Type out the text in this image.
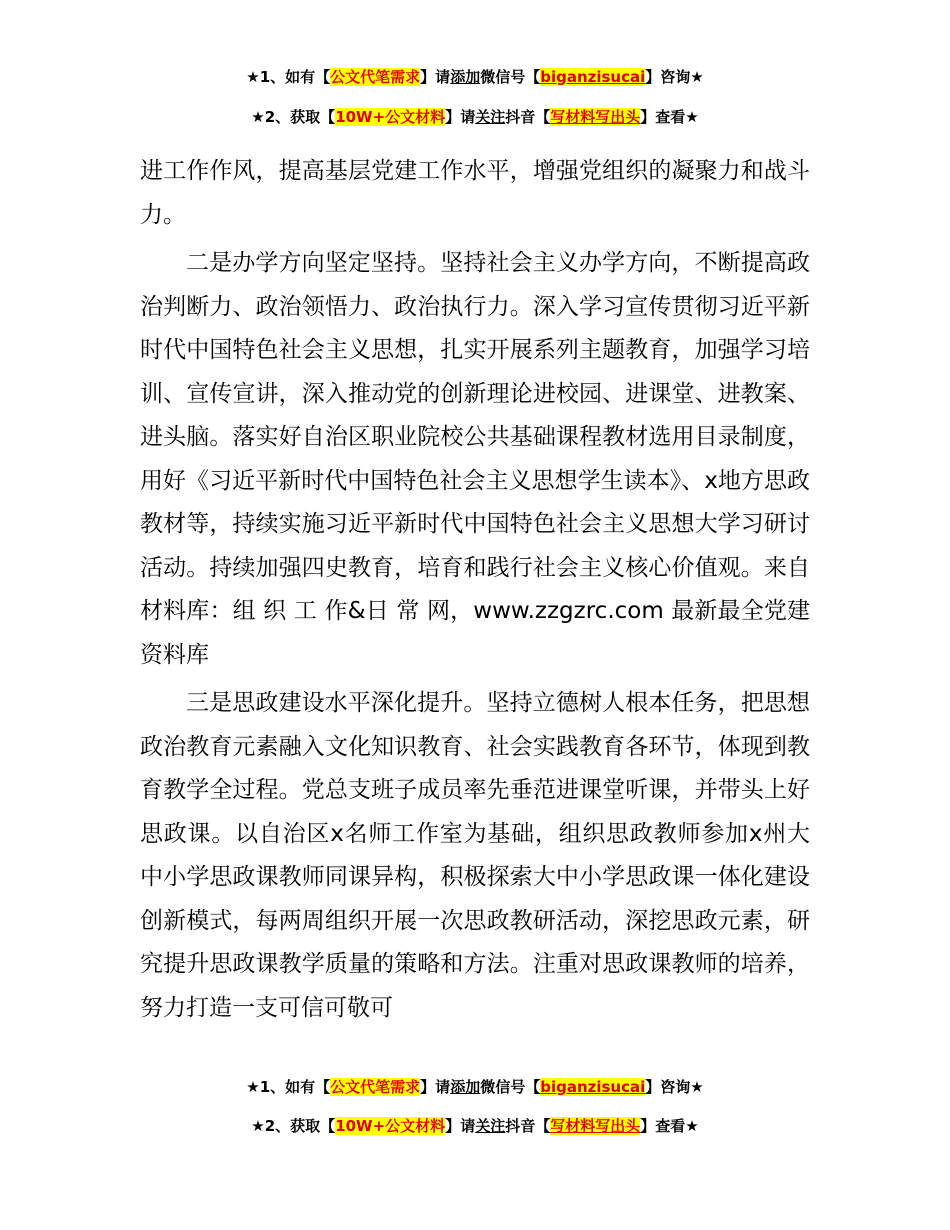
★1、如有【公文代笔需求】请添加微信号【biganzisucai】咨询★
★2、获取【10W+公文材料】请关注抖音【写材料写出头】查看★

进工作作风，提高基层党建工作水平，增强党组织的凝聚力和战斗力。

二是办学方向坚定坚持。坚持社会主义办学方向，不断提高政治判断力、政治领悟力、政治执行力。深入学习宣传贯彻习近平新时代中国特色社会主义思想，扎实开展系列主题教育，加强学习培训、宣传宣讲，深入推动党的创新理论进校园、进课堂、进教案、进头脑。落实好自治区职业院校公共基础课程教材选用目录制度，用好《习近平新时代中国特色社会主义思想学生读本》、x地方思政教材等，持续实施习近平新时代中国特色社会主义思想大学习研讨活动。持续加强四史教育，培育和践行社会主义核心价值观。来自材料库：组 织 工 作&日 常 网，www.zzgzrc.com 最新最全党建资料库

三是思政建设水平深化提升。坚持立德树人根本任务，把思想政治教育元素融入文化知识教育、社会实践教育各环节，体现到教育教学全过程。党总支班子成员率先垂范进课堂听课，并带头上好思政课。以自治区x名师工作室为基础，组织思政教师参加x州大中小学思政课教师同课异构，积极探索大中小学思政课一体化建设创新模式，每两周组织开展一次思政教研活动，深挖思政元素，研究提升思政课教学质量的策略和方法。注重对思政课教师的培养，努力打造一支可信可敬可

★1、如有【公文代笔需求】请添加微信号【biganzisucai】咨询★
★2、获取【10W+公文材料】请关注抖音【写材料写出头】查看★
